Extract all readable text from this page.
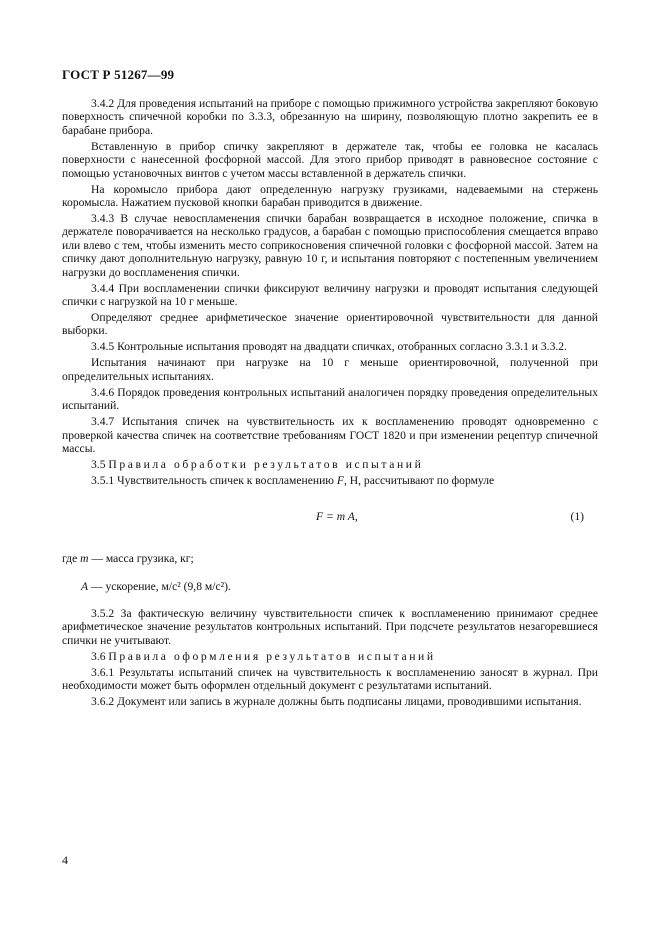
ГОСТ Р 51267—99

3.4.2 Для проведения испытаний на приборе с помощью прижимного устройства закрепляют боковую поверхность спичечной коробки по 3.3.3, обрезанную на ширину, позволяющую плотно закрепить ее в барабане прибора.

Вставленную в прибор спичку закрепляют в держателе так, чтобы ее головка не касалась поверхности с нанесенной фосфорной массой. Для этого прибор приводят в равновесное состояние с помощью установочных винтов с учетом массы вставленной в держатель спички.

На коромысло прибора дают определенную нагрузку грузиками, надеваемыми на стержень коромысла. Нажатием пусковой кнопки барабан приводится в движение.

3.4.3 В случае невоспламенения спички барабан возвращается в исходное положение, спичка в держателе поворачивается на несколько градусов, а барабан с помощью приспособления смещается вправо или влево с тем, чтобы изменить место соприкосновения спичечной головки с фосфорной массой. Затем на спичку дают дополнительную нагрузку, равную 10 г, и испытания повторяют с постепенным увеличением нагрузки до воспламенения спички.

3.4.4 При воспламенении спички фиксируют величину нагрузки и проводят испытания следующей спички с нагрузкой на 10 г меньше.

Определяют среднее арифметическое значение ориентировочной чувствительности для данной выборки.

3.4.5 Контрольные испытания проводят на двадцати спичках, отобранных согласно 3.3.1 и 3.3.2.

Испытания начинают при нагрузке на 10 г меньше ориентировочной, полученной при определительных испытаниях.

3.4.6 Порядок проведения контрольных испытаний аналогичен порядку проведения определительных испытаний.

3.4.7 Испытания спичек на чувствительность их к воспламенению проводят одновременно с проверкой качества спичек на соответствие требованиям ГОСТ 1820 и при изменении рецептур спичечной массы.

3.5 Правила обработки результатов испытаний

3.5.1 Чувствительность спичек к воспламенению F, Н, рассчитывают по формуле

F = m A,	(1)

где m — масса грузика, кг;

A — ускорение, м/с² (9,8 м/с²).

3.5.2 За фактическую величину чувствительности спичек к воспламенению принимают среднее арифметическое значение результатов контрольных испытаний. При подсчете результатов незагоревшиеся спички не учитывают.

3.6 Правила оформления результатов испытаний

3.6.1 Результаты испытаний спичек на чувствительность к воспламенению заносят в журнал. При необходимости может быть оформлен отдельный документ с результатами испытаний.

3.6.2 Документ или запись в журнале должны быть подписаны лицами, проводившими испытания.

4
